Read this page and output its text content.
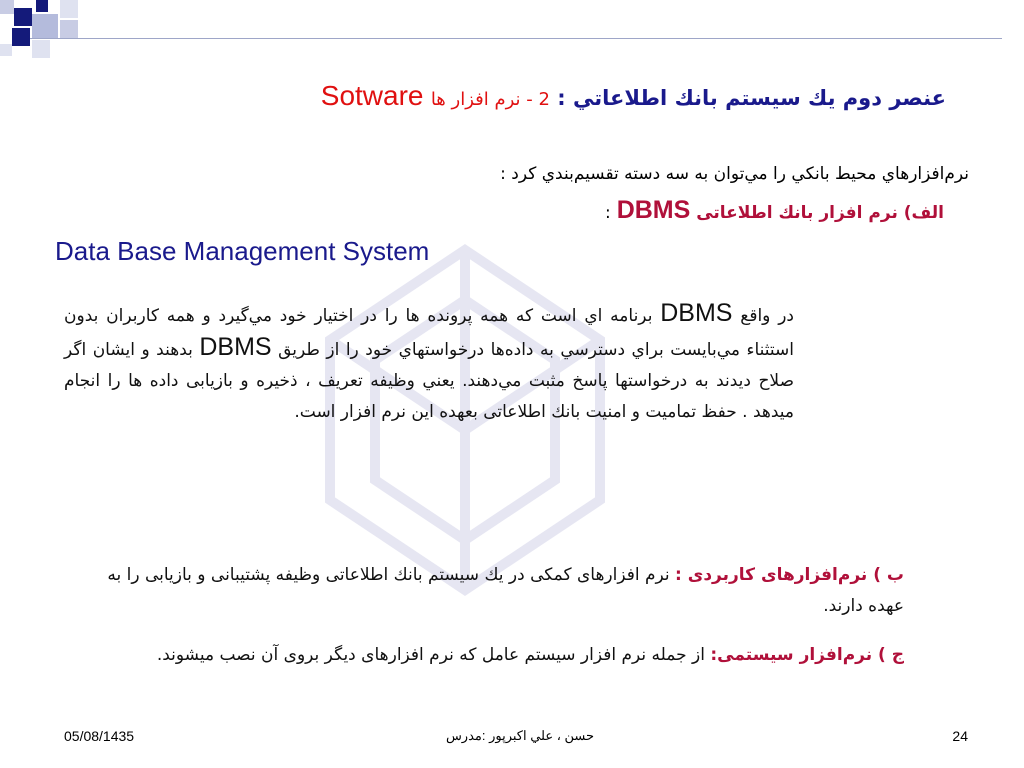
عنصر دوم يك سيستم بانك اطلاعاتي : 2 - نرم افزار ها Sotware
نرم‌افزارهاي محيط بانكي را مي‌توان به سه دسته تقسيم‌بندي كرد :
الف) نرم افزار بانك اطلاعاتی DBMS :
Data Base Management System
در واقع DBMS برنامه اي است كه همه پرونده ها را در اختيار خود مي‌گيرد و همه كاربران بدون استثناء مي‌بايست براي دسترسي به داده‌ها درخواستهاي خود را از طريق DBMS بدهند و ايشان اگر صلاح ديدند به درخواستها پاسخ مثبت مي‌دهند. يعني وظيفه تعريف ، ذخيره و بازيابی داده ها را انجام ميدهد . حفظ تماميت و امنيت بانك اطلاعاتی بعهده اين نرم افزار است.
ب ) نرم‌افزارهای كاربردی : نرم افزارهای كمكی در يك سيستم بانك اطلاعاتی وظيفه پشتيبانی و بازيابی را به عهده دارند.
ج ) نرم‌افزار سيستمی: از جمله نرم افزار سيستم عامل كه نرم افزارهای ديگر بروی آن نصب ميشوند.
05/08/1435	حسن ، علي اكبرپور :مدرس	24
